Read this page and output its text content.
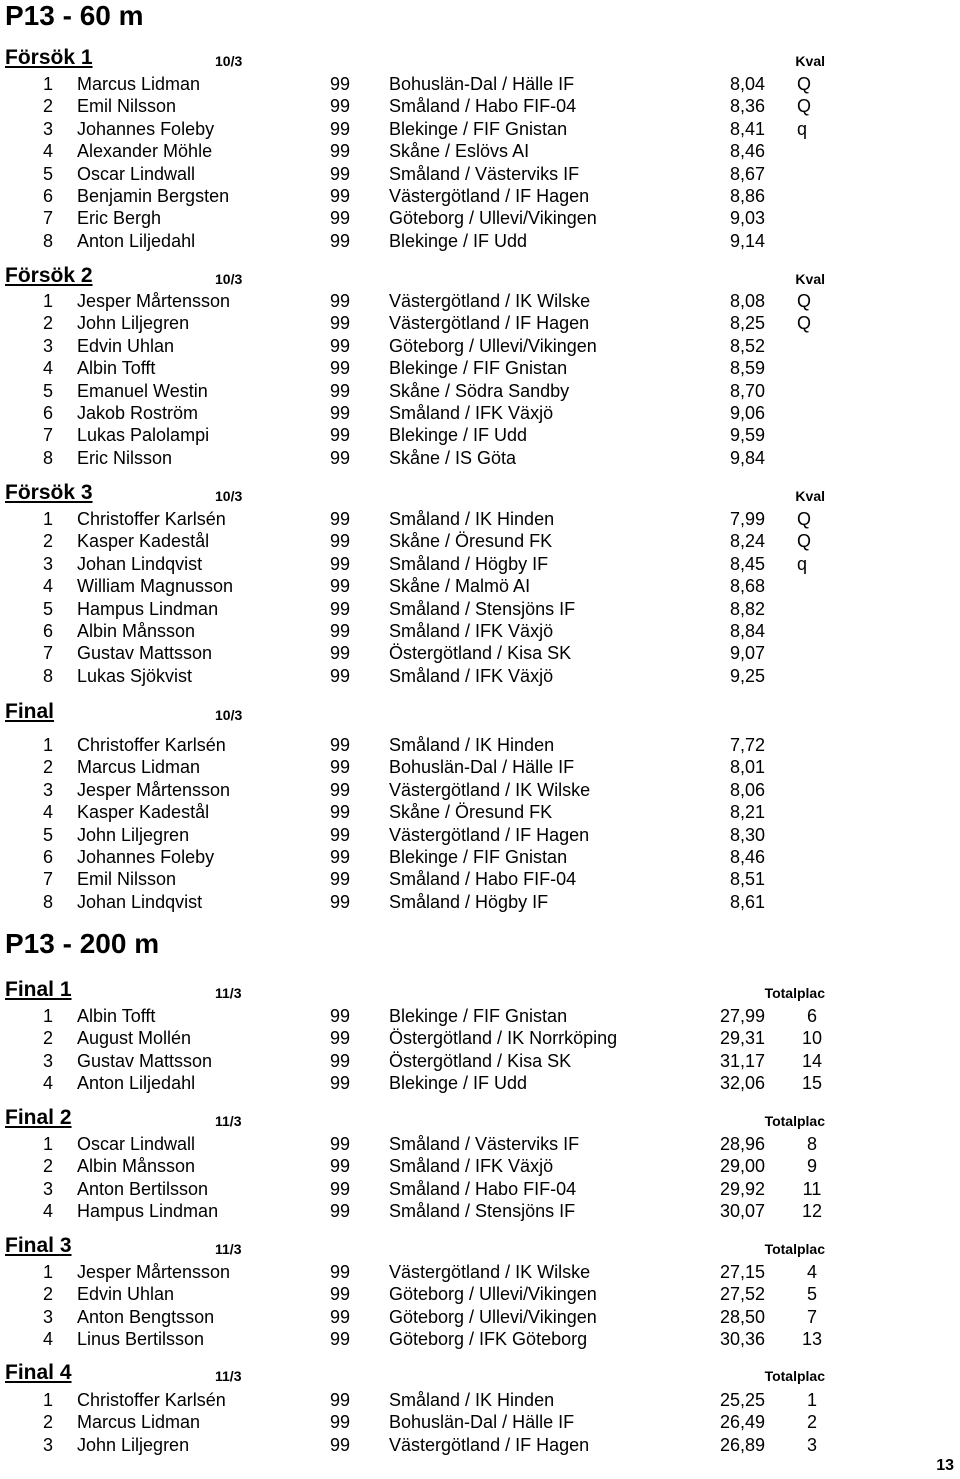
P13 - 60 m
Försök 1	10/3	Kval
1 Marcus Lidman	99 Bohuslän-Dal / Hälle IF	8,04 Q
2 Emil Nilsson	99 Småland / Habo FIF-04	8,36 Q
3 Johannes Foleby	99 Blekinge / FIF Gnistan	8,41 q
4 Alexander Möhle	99 Skåne / Eslövs AI	8,46
5 Oscar Lindwall	99 Småland / Västerviks IF	8,67
6 Benjamin Bergsten	99 Västergötland / IF Hagen	8,86
7 Eric Bergh	99 Göteborg / Ullevi/Vikingen	9,03
8 Anton Liljedahl	99 Blekinge / IF Udd	9,14
Försök 2	10/3	Kval
1 Jesper Mårtensson	99 Västergötland / IK Wilske	8,08 Q
2 John Liljegren	99 Västergötland / IF Hagen	8,25 Q
3 Edvin Uhlan	99 Göteborg / Ullevi/Vikingen	8,52
4 Albin Tofft	99 Blekinge / FIF Gnistan	8,59
5 Emanuel Westin	99 Skåne / Södra Sandby	8,70
6 Jakob Roström	99 Småland / IFK Växjö	9,06
7 Lukas Palolampi	99 Blekinge / IF Udd	9,59
8 Eric Nilsson	99 Skåne / IS Göta	9,84
Försök 3	10/3	Kval
1 Christoffer Karlsén	99 Småland / IK Hinden	7,99 Q
2 Kasper Kadestål	99 Skåne / Öresund FK	8,24 Q
3 Johan Lindqvist	99 Småland / Högby IF	8,45 q
4 William Magnusson	99 Skåne / Malmö AI	8,68
5 Hampus Lindman	99 Småland / Stensjöns IF	8,82
6 Albin Månsson	99 Småland / IFK Växjö	8,84
7 Gustav Mattsson	99 Östergötland / Kisa SK	9,07
8 Lukas Sjökvist	99 Småland / IFK Växjö	9,25
Final	10/3
1 Christoffer Karlsén	99 Småland / IK Hinden	7,72
2 Marcus Lidman	99 Bohuslän-Dal / Hälle IF	8,01
3 Jesper Mårtensson	99 Västergötland / IK Wilske	8,06
4 Kasper Kadestål	99 Skåne / Öresund FK	8,21
5 John Liljegren	99 Västergötland / IF Hagen	8,30
6 Johannes Foleby	99 Blekinge / FIF Gnistan	8,46
7 Emil Nilsson	99 Småland / Habo FIF-04	8,51
8 Johan Lindqvist	99 Småland / Högby IF	8,61
P13 - 200 m
Final 1	11/3	Totalplac
1 Albin Tofft	99 Blekinge / FIF Gnistan	27,99	6
2 August Mollén	99 Östergötland / IK Norrköping	29,31 10
3 Gustav Mattsson	99 Östergötland / Kisa SK	31,17 14
4 Anton Liljedahl	99 Blekinge / IF Udd	32,06 15
Final 2	11/3	Totalplac
1 Oscar Lindwall	99 Småland / Västerviks IF	28,96	8
2 Albin Månsson	99 Småland / IFK Växjö	29,00	9
3 Anton Bertilsson	99 Småland / Habo FIF-04	29,92	11
4 Hampus Lindman	99 Småland / Stensjöns IF	30,07 12
Final 3	11/3	Totalplac
1 Jesper Mårtensson	99 Västergötland / IK Wilske	27,15	4
2 Edvin Uhlan	99 Göteborg / Ullevi/Vikingen	27,52	5
3 Anton Bengtsson	99 Göteborg / Ullevi/Vikingen	28,50	7
4 Linus Bertilsson	99 Göteborg / IFK Göteborg	30,36 13
Final 4	11/3	Totalplac
1 Christoffer Karlsén	99 Småland / IK Hinden	25,25	1
2 Marcus Lidman	99 Bohuslän-Dal / Hälle IF	26,49	2
3 John Liljegren	99 Västergötland / IF Hagen	26,89	3
13
